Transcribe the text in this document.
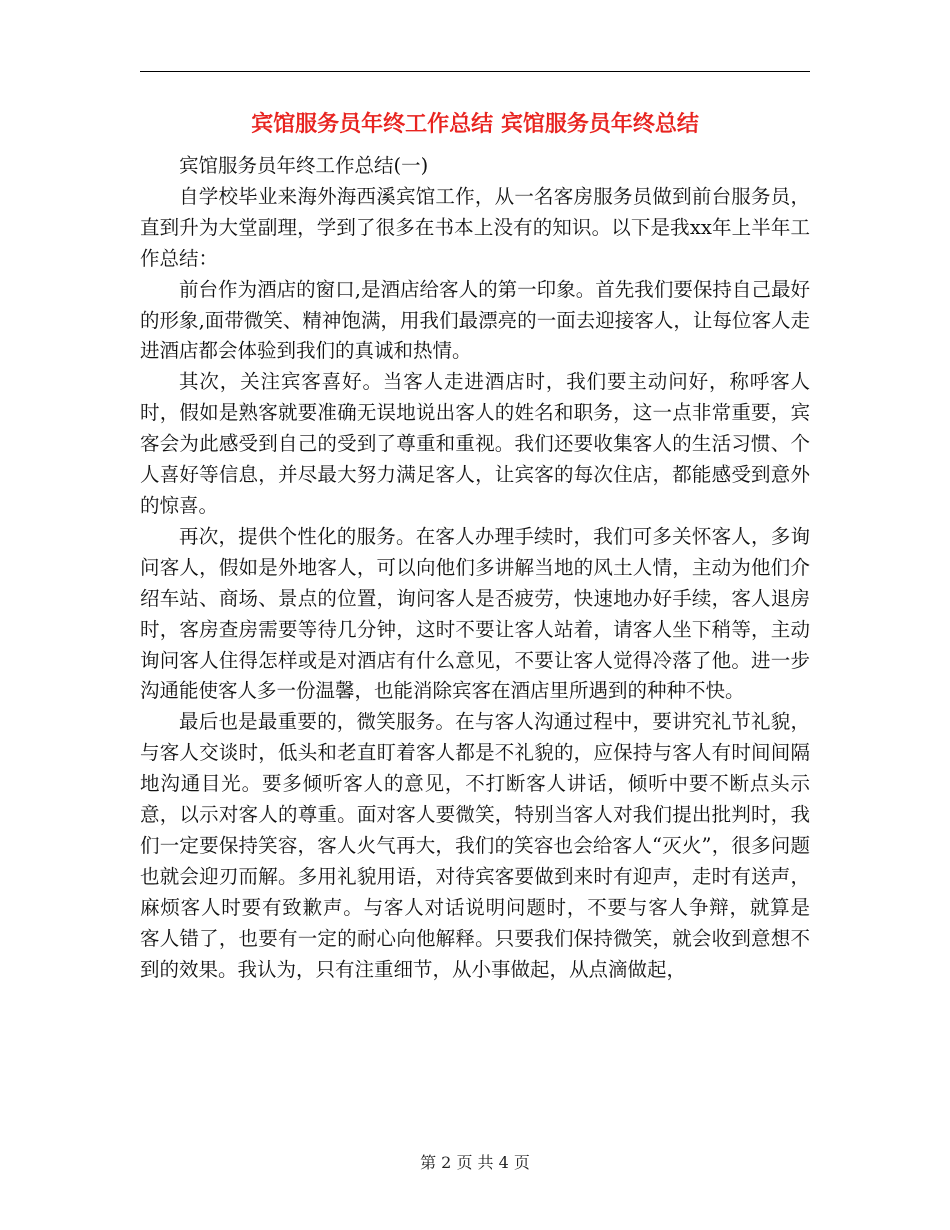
宾馆服务员年终工作总结 宾馆服务员年终总结

宾馆服务员年终工作总结(一)

自学校毕业来海外海西溪宾馆工作，从一名客房服务员做到前台服务员，直到升为大堂副理，学到了很多在书本上没有的知识。以下是我xx年上半年工作总结：

前台作为酒店的窗口,是酒店给客人的第一印象。首先我们要保持自己最好的形象,面带微笑、精神饱满，用我们最漂亮的一面去迎接客人，让每位客人走进酒店都会体验到我们的真诚和热情。

其次，关注宾客喜好。当客人走进酒店时，我们要主动问好，称呼客人时，假如是熟客就要准确无误地说出客人的姓名和职务，这一点非常重要，宾客会为此感受到自己的受到了尊重和重视。我们还要收集客人的生活习惯、个人喜好等信息，并尽最大努力满足客人，让宾客的每次住店，都能感受到意外的惊喜。

再次，提供个性化的服务。在客人办理手续时，我们可多关怀客人，多询问客人，假如是外地客人，可以向他们多讲解当地的风土人情，主动为他们介绍车站、商场、景点的位置，询问客人是否疲劳，快速地办好手续，客人退房时，客房查房需要等待几分钟，这时不要让客人站着，请客人坐下稍等，主动询问客人住得怎样或是对酒店有什么意见，不要让客人觉得冷落了他。进一步沟通能使客人多一份温馨，也能消除宾客在酒店里所遇到的种种不快。

最后也是最重要的，微笑服务。在与客人沟通过程中，要讲究礼节礼貌，与客人交谈时，低头和老直盯着客人都是不礼貌的，应保持与客人有时间间隔地沟通目光。要多倾听客人的意见，不打断客人讲话，倾听中要不断点头示意，以示对客人的尊重。面对客人要微笑，特别当客人对我们提出批判时，我们一定要保持笑容，客人火气再大，我们的笑容也会给客人“灭火”，很多问题也就会迎刃而解。多用礼貌用语，对待宾客要做到来时有迎声，走时有送声，麻烦客人时要有致歉声。与客人对话说明问题时，不要与客人争辩，就算是　　客人错了，也要有一定的耐心向他解释。只要我们保持微笑，就会收到意想不到的效果。我认为，只有注重细节，从小事做起，从点滴做起，

第 2 页 共 4 页
